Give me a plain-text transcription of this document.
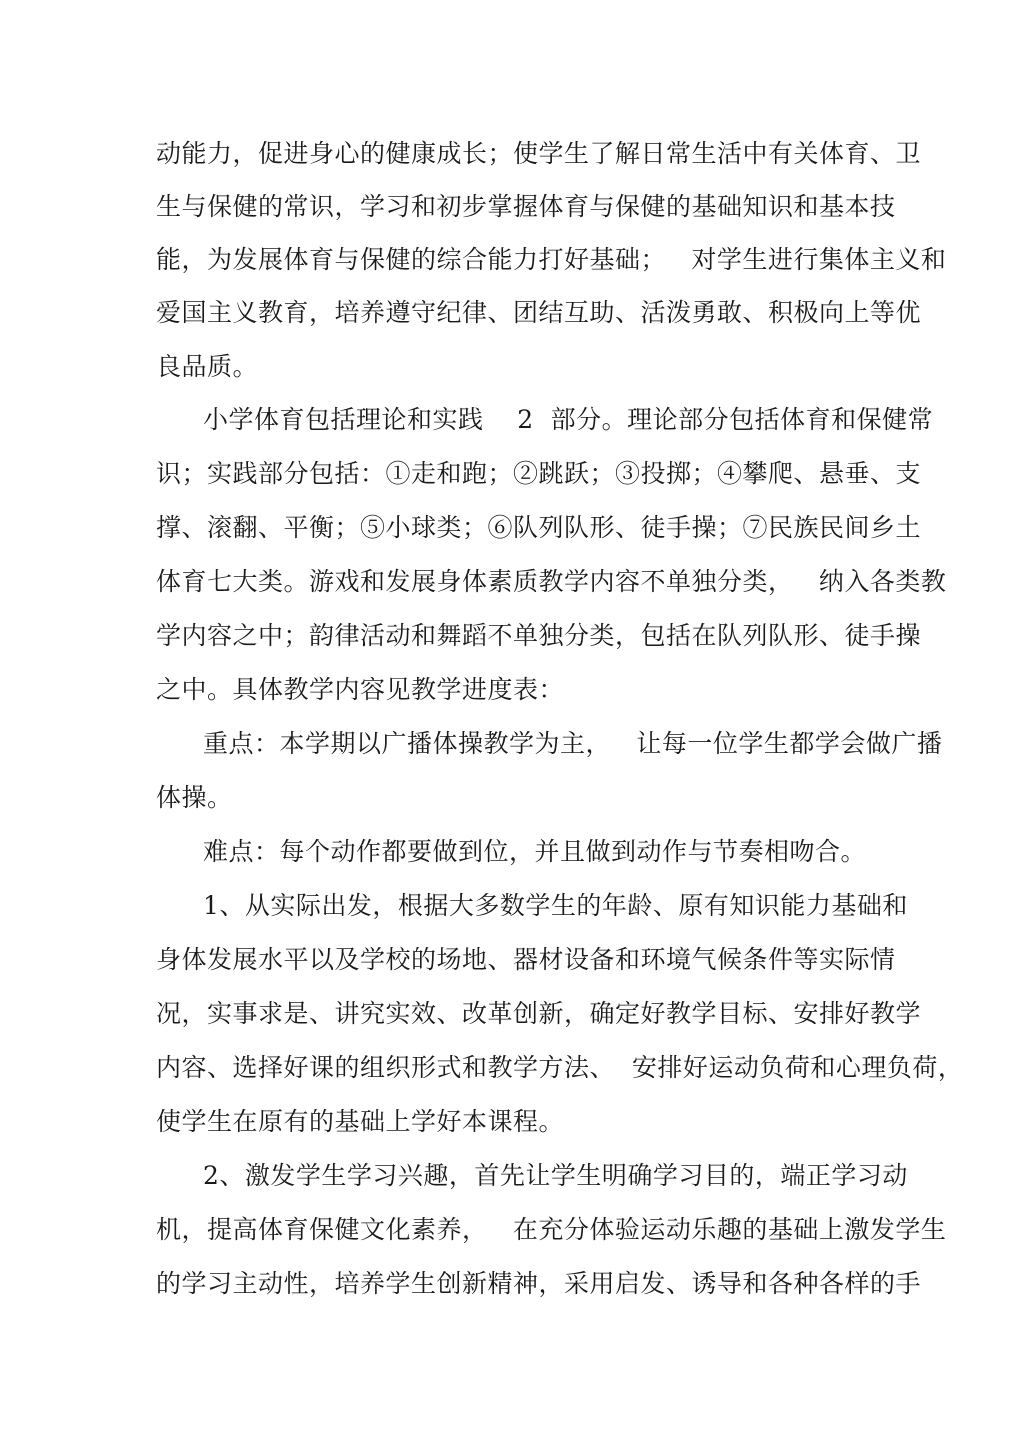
动能力，促进身心的健康成长；使学生了解日常生活中有关体育、卫
生与保健的常识，学习和初步掌握体育与保健的基础知识和基本技
能，为发展体育与保健的综合能力打好基础；   对学生进行集体主义和
爱国主义教育，培养遵守纪律、团结互助、活泼勇敢、积极向上等优
良品质。
小学体育包括理论和实践    2  部分。理论部分包括体育和保健常
识；实践部分包括：①走和跑；②跳跃；③投掷；④攀爬、悬垂、支
撑、滚翻、平衡；⑤小球类；⑥队列队形、徒手操；⑦民族民间乡土
体育七大类。游戏和发展身体素质教学内容不单独分类，   纳入各类教
学内容之中；韵律活动和舞蹈不单独分类，包括在队列队形、徒手操
之中。具体教学内容见教学进度表：
重点：本学期以广播体操教学为主，   让每一位学生都学会做广播
体操。
难点：每个动作都要做到位，并且做到动作与节奏相吻合。
1、从实际出发，根据大多数学生的年龄、原有知识能力基础和
身体发展水平以及学校的场地、器材设备和环境气候条件等实际情
况，实事求是、讲究实效、改革创新，确定好教学目标、安排好教学
内容、选择好课的组织形式和教学方法、  安排好运动负荷和心理负荷，
使学生在原有的基础上学好本课程。
2、激发学生学习兴趣，首先让学生明确学习目的，端正学习动
机，提高体育保健文化素养，   在充分体验运动乐趣的基础上激发学生
的学习主动性，培养学生创新精神，采用启发、诱导和各种各样的手
